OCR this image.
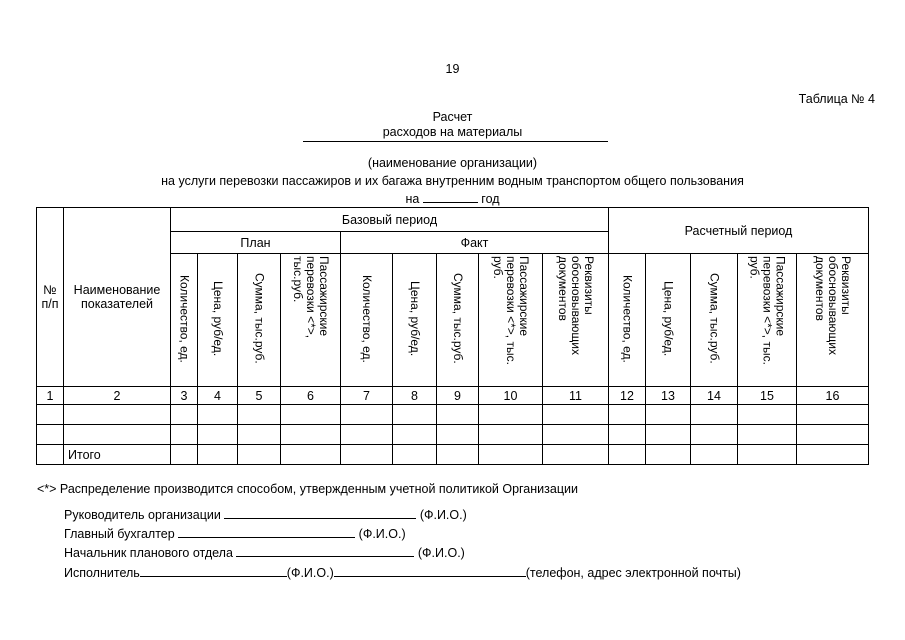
19
Таблица № 4
Расчет
расходов на материалы
(наименование организации)
на услуги перевозки пассажиров и их багажа внутренним водным транспортом общего пользования
на	год
№ п/п	Наименование показателей	Базовый период									Расчетный период				
		План				Факт									
		Количество, ед.	Цена, руб/ед.	Сумма, тыс.руб.	Пассажирские перевозки <*>, тыс.руб.	Количество, ед.	Цена, руб/ед.	Сумма, тыс.руб.	Пассажирские перевозки <*>, тыс. руб.	Реквизиты обосновывающих документов	Количество, ед.	Цена, руб/ед.	Сумма, тыс.руб.	Пассажирские перевозки <*>, тыс. руб.	Реквизиты обосновывающих документов
1	2	3	4	5	6	7	8	9	10	11	12	13	14	15	16

	Итого														
<*> Распределение производится способом, утвержденным учетной политикой Организации
Руководитель организации	(Ф.И.О.)
Главный бухгалтер	(Ф.И.О.)
Начальник планового отдела	(Ф.И.О.)
Исполнитель	(Ф.И.О.)	(телефон, адрес электронной почты)
